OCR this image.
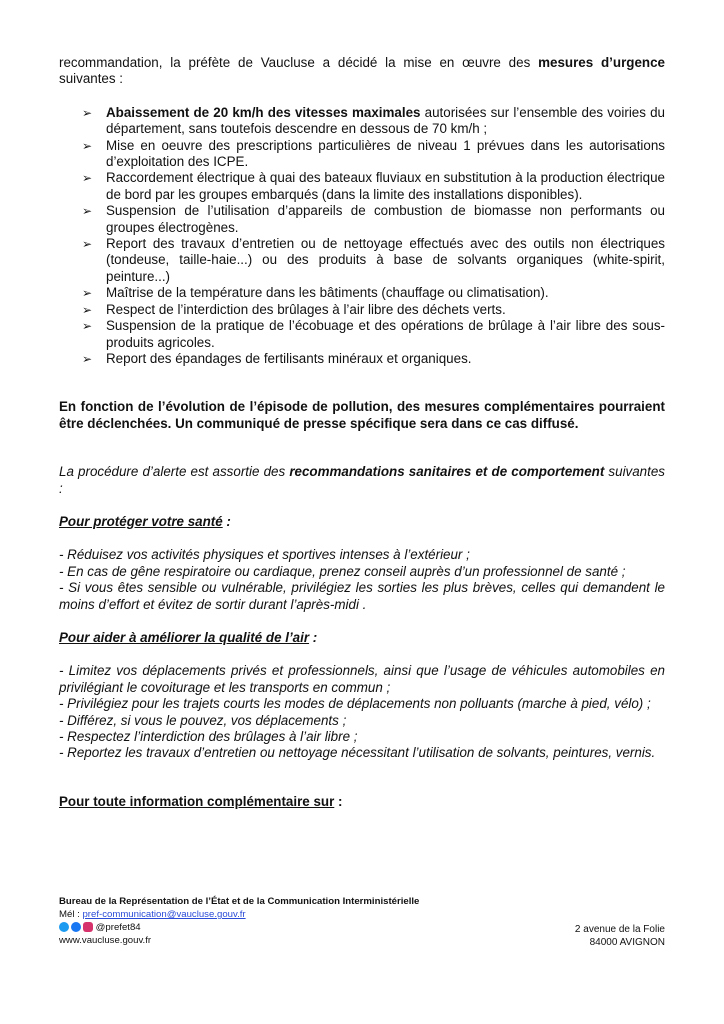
recommandation, la préfète de Vaucluse a décidé la mise en œuvre des mesures d’urgence suivantes :

➢ Abaissement de 20 km/h des vitesses maximales autorisées sur l’ensemble des voiries du département, sans toutefois descendre en dessous de 70 km/h ;
➢ Mise en oeuvre des prescriptions particulières de niveau 1 prévues dans les autorisations d’exploitation des ICPE.
➢ Raccordement électrique à quai des bateaux fluviaux en substitution à la production électrique de bord par les groupes embarqués (dans la limite des installations disponibles).
➢ Suspension de l’utilisation d’appareils de combustion de biomasse non performants ou groupes électrogènes.
➢ Report des travaux d’entretien ou de nettoyage effectués avec des outils non électriques (tondeuse, taille-haie...) ou des produits à base de solvants organiques (white-spirit, peinture...)
➢ Maîtrise de la température dans les bâtiments (chauffage ou climatisation).
➢ Respect de l’interdiction des brûlages à l’air libre des déchets verts.
➢ Suspension de la pratique de l’écobuage et des opérations de brûlage à l’air libre des sous-produits agricoles.
➢ Report des épandages de fertilisants minéraux et organiques.

En fonction de l’évolution de l’épisode de pollution, des mesures complémentaires pourraient être déclenchées. Un communiqué de presse spécifique sera dans ce cas diffusé.

La procédure d’alerte est assortie des recommandations sanitaires et de comportement suivantes :

Pour protéger votre santé :

- Réduisez vos activités physiques et sportives intenses à l’extérieur ;

- En cas de gêne respiratoire ou cardiaque, prenez conseil auprès d’un professionnel de santé ;

- Si vous êtes sensible ou vulnérable, privilégiez les sorties les plus brèves, celles qui demandent le moins d’effort et évitez de sortir durant l’après-midi .

Pour aider à améliorer la qualité de l’air :

- Limitez vos déplacements privés et professionnels, ainsi que l’usage de véhicules automobiles en privilégiant le covoiturage et les transports en commun ;

- Privilégiez pour les trajets courts les modes de déplacements non polluants (marche à pied, vélo) ;

- Différez, si vous le pouvez, vos déplacements ;

- Respectez l’interdiction des brûlages à l’air libre ;

- Reportez les travaux d’entretien ou nettoyage nécessitant l’utilisation de solvants, peintures, vernis.

Pour toute information complémentaire sur :

Bureau de la Représentation de l’État et de la Communication Interministérielle
Mél : pref-communication@vaucluse.gouv.fr
@prefet84
www.vaucluse.gouv.fr
2 avenue de la Folie
84000 AVIGNON
